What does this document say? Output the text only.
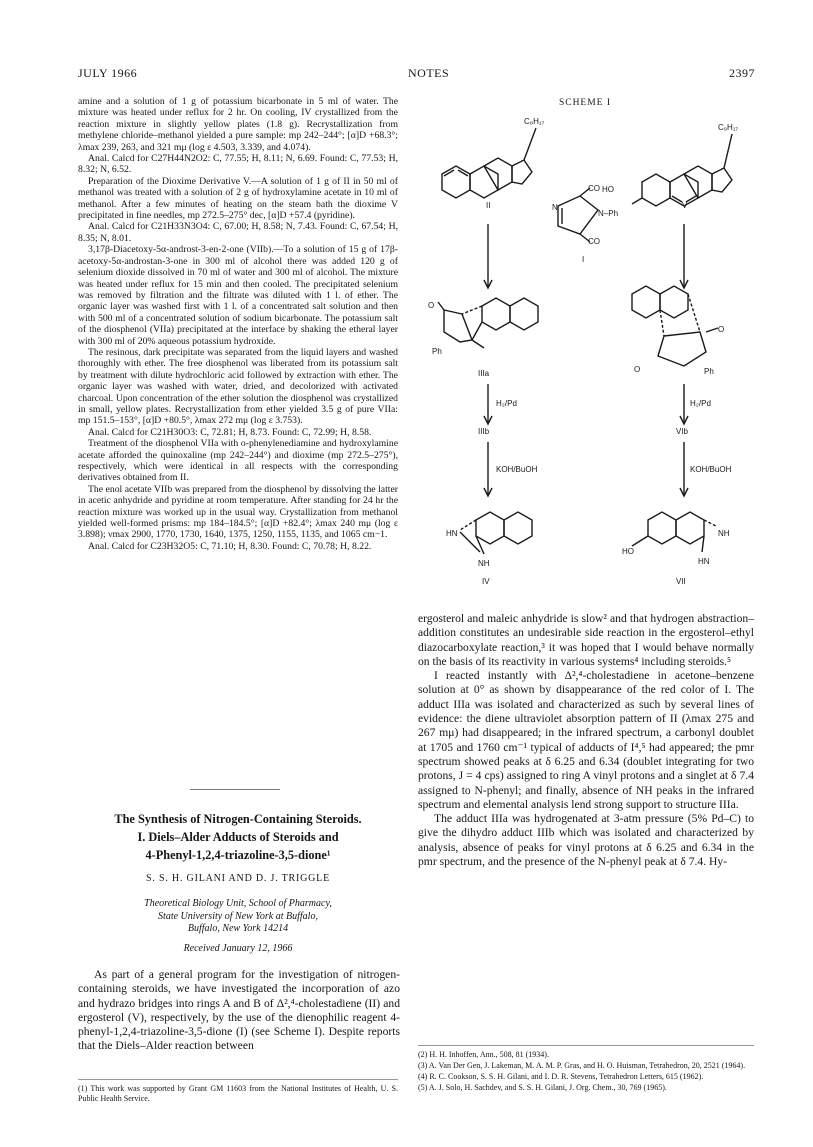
JULY 1966	NOTES	2397

amine and a solution of 1 g of potassium bicarbonate in 5 ml of water. The mixture was heated under reflux for 2 hr. On cooling, IV crystallized from the reaction mixture in slightly yellow plates (1.8 g). Recrystallization from methylene chloride–methanol yielded a pure sample: mp 242–244°; [α]D +68.3°; λmax 239, 263, and 321 mμ (log ε 4.503, 3.339, and 4.074).

Anal. Calcd for C27H44N2O2: C, 77.55; H, 8.11; N, 6.69. Found: C, 77.53; H, 8.32; N, 6.52.

Preparation of the Dioxime Derivative V.—A solution of 1 g of II in 50 ml of methanol was treated with a solution of 2 g of hydroxylamine acetate in 10 ml of methanol. After a few minutes of heating on the steam bath the dioxime V precipitated in fine needles, mp 272.5–275° dec, [α]D +57.4 (pyridine).

Anal. Calcd for C21H33N3O4: C, 67.00; H, 8.58; N, 7.43. Found: C, 67.54; H, 8.35; N, 8.01.

3,17β-Diacetoxy-5α-androst-3-en-2-one (VIIb).—To a solution of 15 g of 17β-acetoxy-5α-androstan-3-one in 300 ml of alcohol there was added 120 g of selenium dioxide dissolved in 70 ml of water and 300 ml of alcohol. The mixture was heated under reflux for 15 min and then cooled. The precipitated selenium was removed by filtration and the filtrate was diluted with 1 l. of ether. The organic layer was washed first with 1 l. of a concentrated salt solution and then with 500 ml of a concentrated solution of sodium bicarbonate. The potassium salt of the diosphenol (VIIa) precipitated at the interface by shaking the etheral layer with 300 ml of 20% aqueous potassium hydroxide.

The resinous, dark precipitate was separated from the liquid layers and washed thoroughly with ether. The free diosphenol was liberated from its potassium salt by treatment with dilute hydrochloric acid followed by extraction with ether. The organic layer was washed with water, dried, and decolorized with activated charcoal. Upon concentration of the ether solution the diosphenol was crystallized in small, yellow plates. Recrystallization from ether yielded 3.5 g of pure VIIa: mp 151.5–153°, [α]D +80.5°, λmax 272 mμ (log ε 3.753).

Anal. Calcd for C21H30O3: C, 72.81; H, 8.73. Found: C, 72.99; H, 8.58.

Treatment of the diosphenol VIIa with o-phenylenediamine and hydroxylamine acetate afforded the quinoxaline (mp 242–244°) and dioxime (mp 272.5–275°), respectively, which were identical in all respects with the corresponding derivatives obtained from II.

The enol acetate VIIb was prepared from the diosphenol by dissolving the latter in acetic anhydride and pyridine at room temperature. After standing for 24 hr the reaction mixture was worked up in the usual way. Crystallization from methanol yielded well-formed prisms: mp 184–184.5°; [α]D +82.4°; λmax 240 mμ (log ε 3.898); νmax 2900, 1770, 1730, 1640, 1375, 1250, 1155, 1135, and 1065 cm−1.

Anal. Calcd for C23H32O5: C, 71.10; H, 8.30. Found: C, 70.78; H, 8.22.

The Synthesis of Nitrogen-Containing Steroids.
I. Diels–Alder Adducts of Steroids and
4-Phenyl-1,2,4-triazoline-3,5-dione¹
S. S. H. GILANI AND D. J. TRIGGLE
Theoretical Biology Unit, School of Pharmacy,
State University of New York at Buffalo,
Buffalo, New York 14214
Received January 12, 1966

As part of a general program for the investigation of nitrogen-containing steroids, we have investigated the incorporation of azo and hydrazo bridges into rings A and B of Δ²,⁴-cholestadiene (II) and ergosterol (V), respectively, by the use of the dienophilic reagent 4-phenyl-1,2,4-triazoline-3,5-dione (I) (see Scheme I). Despite reports that the Diels–Alder reaction between

(1) This work was supported by Grant GM 11603 from the National Institutes of Health, U. S. Public Health Service.
SCHEME I
C₈H₁₇
C₉H₁₇
HO
II	V
CO
N–Ph
N
CO
I
Ph
O
IIIa	O
O
Ph
H₂/Pd	H₂/Pd
IIIb	VIb
KOH/BuOH	KOH/BuOH
HN
NH
HO
NH
HN
IV	VII

ergosterol and maleic anhydride is slow² and that hydrogen abstraction–addition constitutes an undesirable side reaction in the ergosterol–ethyl diazocarboxylate reaction,³ it was hoped that I would behave normally on the basis of its reactivity in various systems⁴ including steroids.⁵

I reacted instantly with Δ²,⁴-cholestadiene in acetone–benzene solution at 0° as shown by disappearance of the red color of I. The adduct IIIa was isolated and characterized as such by several lines of evidence: the diene ultraviolet absorption pattern of II (λmax 275 and 267 mμ) had disappeared; in the infrared spectrum, a carbonyl doublet at 1705 and 1760 cm⁻¹ typical of adducts of I⁴,⁵ had appeared; the pmr spectrum showed peaks at δ 6.25 and 6.34 (doublet integrating for two protons, J = 4 cps) assigned to ring A vinyl protons and a singlet at δ 7.4 assigned to N-phenyl; and finally, absence of NH peaks in the infrared spectrum and elemental analysis lend strong support to structure IIIa.

The adduct IIIa was hydrogenated at 3-atm pressure (5% Pd–C) to give the dihydro adduct IIIb which was isolated and characterized by analysis, absence of peaks for vinyl protons at δ 6.25 and 6.34 in the pmr spectrum, and the presence of the N-phenyl peak at δ 7.4. Hy-

(2) H. H. Inhoffen, Ann., 508, 81 (1934).
(3) A. Van Der Gen, J. Lakeman, M. A. M. P. Gras, and H. O. Huisman, Tetrahedron, 20, 2521 (1964).
(4) R. C. Cookson, S. S. H. Gilani, and I. D. R. Stevens, Tetrahedron Letters, 615 (1962).
(5) A. J. Solo, H. Sachdev, and S. S. H. Gilani, J. Org. Chem., 30, 769 (1965).
